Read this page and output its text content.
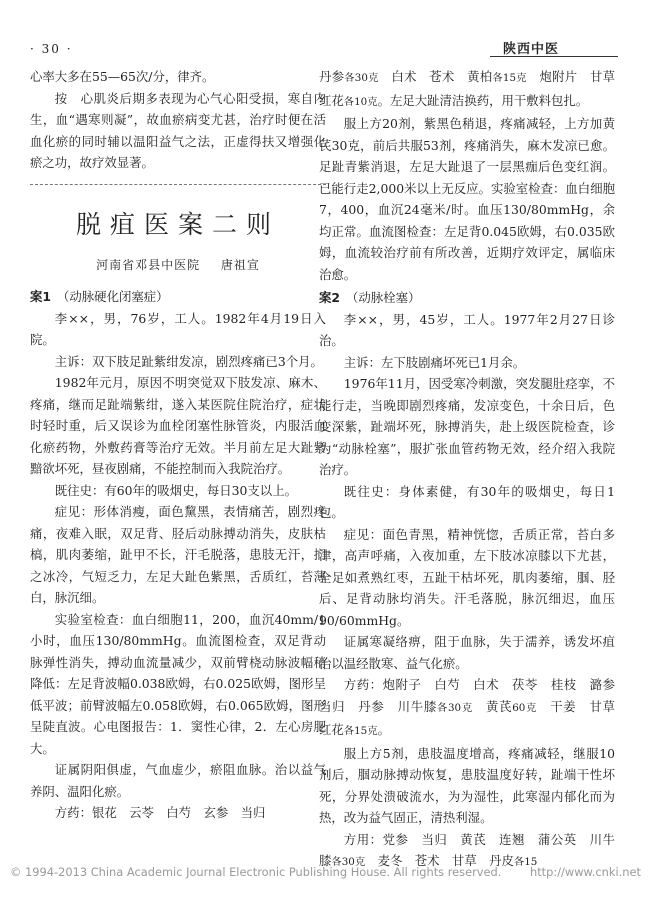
· 30 ·	陕西中医

心率大多在55—65次/分，律齐。

按　心肌炎后期多表现为心气心阳受损，寒自内生，血“遇寒则凝”，故血瘀病变尤甚，治疗时便在活血化瘀的同时辅以温阳益气之法，正虚得扶又增强化瘀之功，故疗效显著。

脱疽医案二则
河南省邓县中医院 唐祖宣

案1 （动脉硬化闭塞症）

李××，男，76岁，工人。1982年4月19日入院。

主诉：双下肢足趾紫绀发凉，剧烈疼痛已3个月。

1982年元月，原因不明突觉双下肢发凉、麻木、疼痛，继而足趾端紫绀，遂入某医院住院治疗，症状时轻时重，后又误诊为血栓闭塞性脉管炎，内服活血化瘀药物，外敷药膏等治疗无效。半月前左足大趾紫黯欲坏死，昼夜剧痛，不能控制而入我院治疗。

既往史：有60年的吸烟史，每日30支以上。

症见：形体消瘦，面色黧黑，表情痛苦，剧烈疼痛，夜难入眠，双足背、胫后动脉搏动消失，皮肤枯槁，肌肉萎缩，趾甲不长，汗毛脱落，患肢无汗，扪之冰冷，气短乏力，左足大趾色紫黑，舌质红，苔薄白，脉沉细。

实验室检查：血白细胞11，200，血沉40mm/1小时，血压130/80mmHg。血流图检查，双足背动脉弹性消失，搏动血流量减少，双前臂桡动脉波幅稍降低：左足背波幅0.038欧姆，右0.025欧姆，图形呈低平波；前臂波幅左0.058欧姆，右0.065欧姆，图形呈陡直波。心电图报告：1．窦性心律，2．左心房肥大。

证属阴阳俱虚，气血虚少，瘀阻血脉。治以益气养阴、温阳化瘀。

方药：银花　云苓　白芍　玄参　当归

丹参各30克　白术　苍术　黄柏各15克　炮附片　甘草　红花各10克。左足大趾清洁换药，用干敷料包扎。

服上方20剂，紫黑色稍退，疼痛减轻，上方加黄芪30克，前后共服53剂，疼痛消失，麻木发凉已愈。足趾青紫消退，左足大趾退了一层黑痂后色变红润。已能行走2,000米以上无反应。实验室检查：血白细胞7，400，血沉24毫米/时。血压130/80mmHg，余均正常。血流图检查：左足背0.045欧姆，右0.035欧姆，血流较治疗前有所改善，近期疗效评定，属临床治愈。

案2 （动脉栓塞）

李××，男，45岁，工人。1977年2月27日诊治。

主诉：左下肢剧痛坏死已1月余。

1976年11月，因受寒冷刺激，突发腿肚痉挛，不能行走，当晚即剧烈疼痛，发凉变色，十余日后，色变深紫，趾端坏死，脉搏消失，赴上级医院检查，诊为“动脉栓塞”，服扩张血管药物无效，经介绍入我院治疗。

既往史：身体素健，有30年的吸烟史，每日1包。

症见：面色青黑，精神恍惚，舌质正常，苔白多津，高声呼痛，入夜加重，左下肢冰凉膝以下尤甚，全足如煮熟红枣，五趾干枯坏死，肌肉萎缩，腘、胫后、足背动脉均消失。汗毛落脱，脉沉细迟，血压90/60mmHg。

证属寒凝络痹，阻于血脉，失于濡养，诱发坏疽治以温经散寒、益气化瘀。

方药：炮附子　白芍　白术　茯苓　桂枝　潞参　当归　丹参　川牛膝各30克　黄芪60克　干姜　甘草　红花各15克。

服上方5剂，患肢温度增高，疼痛减轻，继服10剂后，腘动脉搏动恢复，患肢温度好转，趾端干性坏死，分界处溃破流水，为为湿性，此寒湿内郁化而为热，改为益气固正，清热利湿。

方用：党参　当归　黄芪　连翘　蒲公英　川牛膝各30克　麦冬　苍术　甘草　丹皮各15

© 1994-2013 China Academic Journal Electronic Publishing House. All rights reserved.	http://www.cnki.net
